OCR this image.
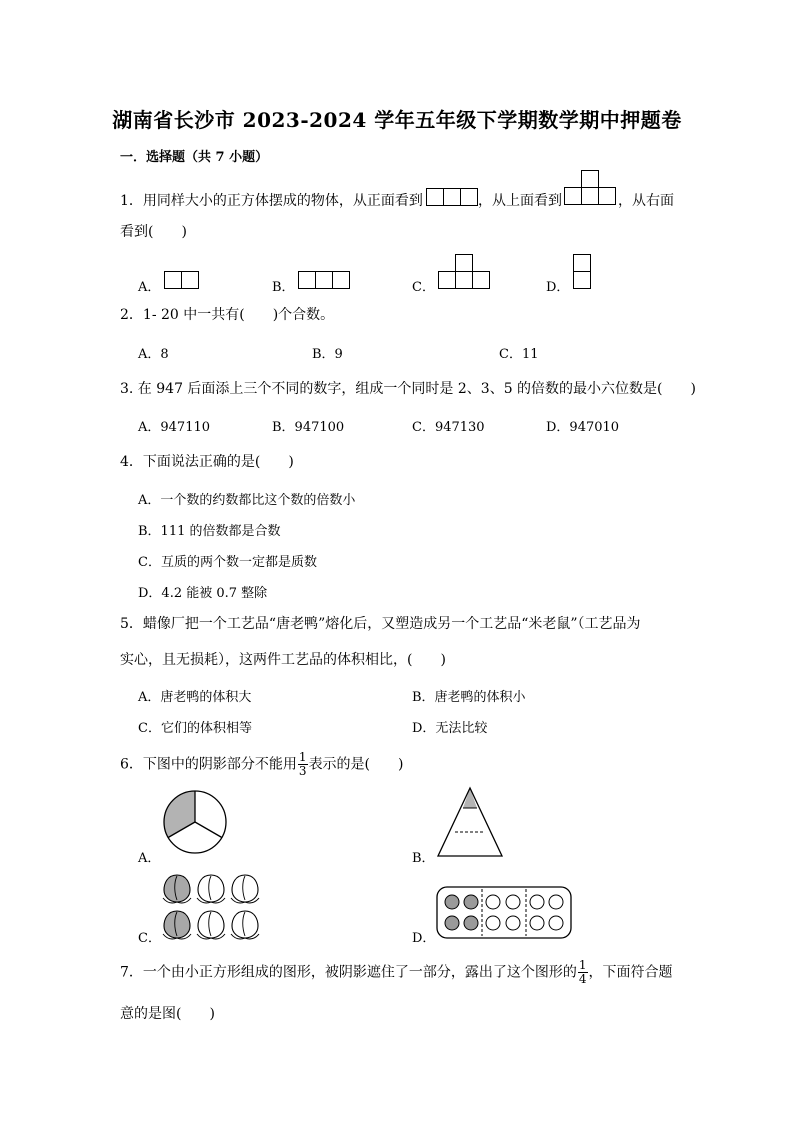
湖南省长沙市 2023-2024 学年五年级下学期数学期中押题卷
一．选择题（共 7 小题）
1．用同样大小的正方体摆成的物体，从正面看到	，从上面看到	，从右面
看到(　　)
A．	B．	C．	D．
2．1- 20 中一共有(　　)个合数。
A．8	B．9	C．11
3. 在 947 后面添上三个不同的数字，组成一个同时是 2、3、5 的倍数的最小六位数是(　　)
A．947110	B．947100	C．947130	D．947010
4．下面说法正确的是(　　)
A．一个数的约数都比这个数的倍数小
B．111 的倍数都是合数
C．互质的两个数一定都是质数
D．4.2 能被 0.7 整除
5．蜡像厂把一个工艺品“唐老鸭”熔化后，又塑造成另一个工艺品“米老鼠”（工艺品为
实心，且无损耗），这两件工艺品的体积相比，(　　)
A．唐老鸭的体积大	B．唐老鸭的体积小
C．它们的体积相等	D．无法比较
6．下图中的阴影部分不能用 $\frac{1}{3}$ 表示的是(　　)
A．	B．
C．	D．
7．一个由小正方形组成的图形，被阴影遮住了一部分，露出了这个图形的 $\frac{1}{4}$ ，下面符合题
意的是图(　　)
